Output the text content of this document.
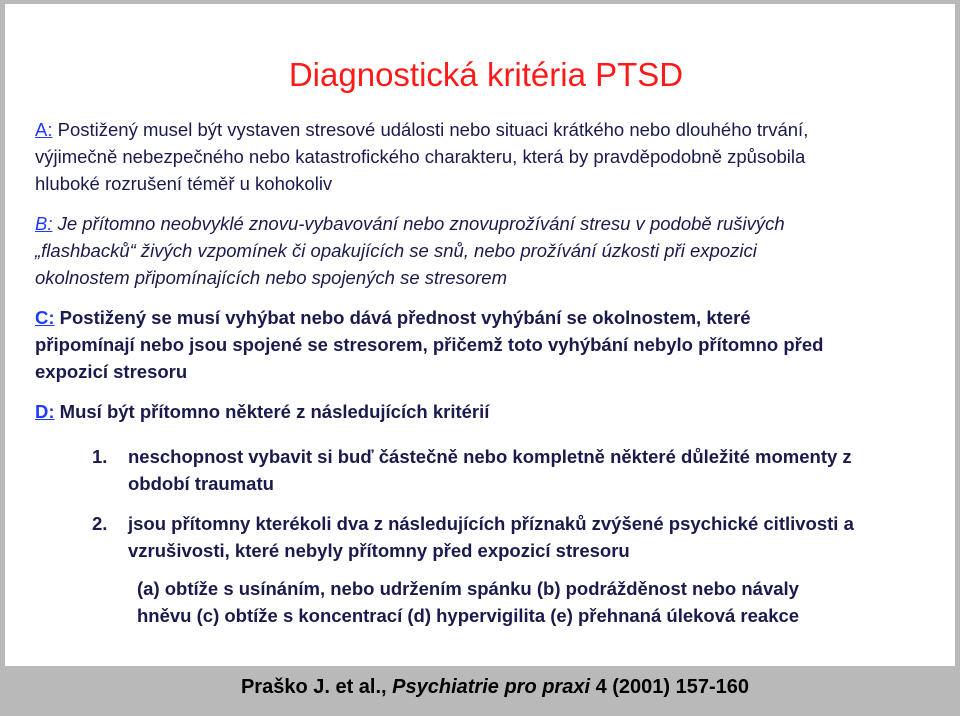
Diagnostická kritéria PTSD
A: Postižený musel být vystaven stresové události nebo situaci krátkého nebo dlouhého trvání, výjimečně nebezpečného nebo katastrofického charakteru, která by pravděpodobně způsobila hluboké rozrušení téměř u kohokoliv
B: Je přítomno neobvyklé znovu-vybavování nebo znovuprožívání stresu v podobě rušivých „flashbacků“ živých vzpomínek či opakujících se snů, nebo prožívání úzkosti při expozici okolnostem připomínajících nebo spojených se stresorem
C: Postižený se musí vyhýbat nebo dává přednost vyhýbání se okolnostem, které připomínají nebo jsou spojené se stresorem, přičemž toto vyhýbání nebylo přítomno před expozicí stresoru
D: Musí být přítomno některé z následujících kritérií
1. neschopnost vybavit si buď částečně nebo kompletně některé důležité momenty z období traumatu
2. jsou přítomny kterékoli dva z následujících příznaků zvýšené psychické citlivosti a vzrušivosti, které nebyly přítomny před expozicí stresoru
(a) obtíže s usínáním, nebo udržením spánku (b) podrážděnost nebo návaly hněvu (c) obtíže s koncentrací (d) hypervigilita (e) přehnaná úleková reakce
Praško J. et al., Psychiatrie pro praxi 4 (2001) 157-160
